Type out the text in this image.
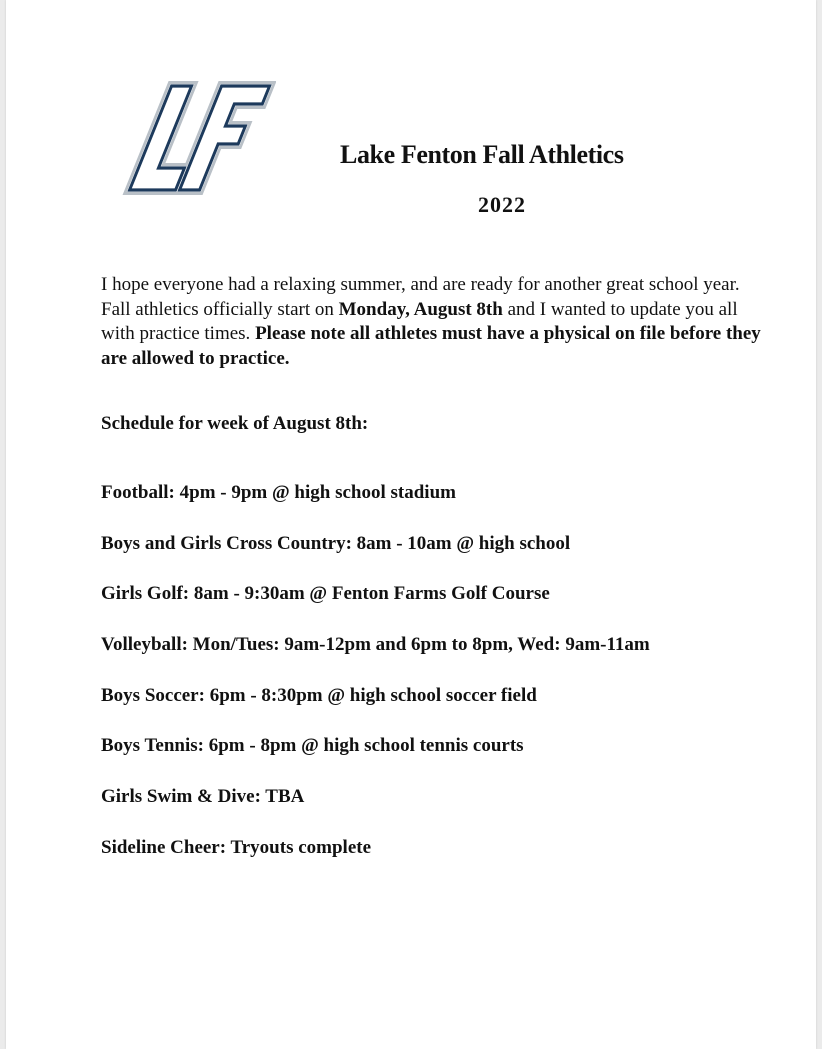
Lake Fenton Fall Athletics
2022

I hope everyone had a relaxing summer, and are ready for another great school year. Fall athletics officially start on Monday, August 8th and I wanted to update you all with practice times. Please note all athletes must have a physical on file before they are allowed to practice.

Schedule for week of August 8th:
Football: 4pm - 9pm @ high school stadium
Boys and Girls Cross Country: 8am - 10am @ high school
Girls Golf: 8am - 9:30am @ Fenton Farms Golf Course
Volleyball: Mon/Tues: 9am-12pm and 6pm to 8pm, Wed: 9am-11am
Boys Soccer: 6pm - 8:30pm @ high school soccer field
Boys Tennis: 6pm - 8pm @ high school tennis courts
Girls Swim & Dive: TBA
Sideline Cheer: Tryouts complete
